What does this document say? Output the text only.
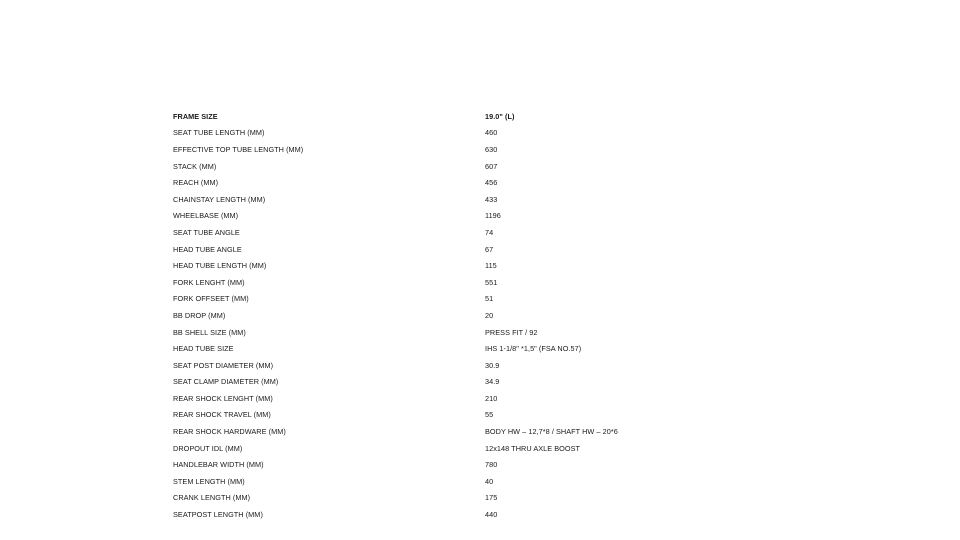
FRAME SIZE	19.0" (L)
SEAT TUBE LENGTH (MM)	460
EFFECTIVE TOP TUBE LENGTH (MM)	630
STACK (MM)	607
REACH (MM)	456
CHAINSTAY LENGTH (MM)	433
WHEELBASE (MM)	1196
SEAT TUBE ANGLE	74
HEAD TUBE ANGLE	67
HEAD TUBE LENGTH (MM)	115
FORK LENGHT (MM)	551
FORK OFFSEET (MM)	51
BB DROP (MM)	20
BB SHELL SIZE (MM)	PRESS FIT / 92
HEAD TUBE SIZE	IHS 1-1/8" *1,5" (FSA NO.57)
SEAT POST DIAMETER (MM)	30.9
SEAT CLAMP DIAMETER (MM)	34.9
REAR SHOCK LENGHT (MM)	210
REAR SHOCK TRAVEL (MM)	55
REAR SHOCK HARDWARE (MM)	BODY HW – 12,7*8 / SHAFT HW – 20*6
DROPOUT IDL (MM)	12x148 THRU AXLE BOOST
HANDLEBAR WIDTH (MM)	780
STEM LENGTH (MM)	40
CRANK LENGTH (MM)	175
SEATPOST LENGTH (MM)	440
